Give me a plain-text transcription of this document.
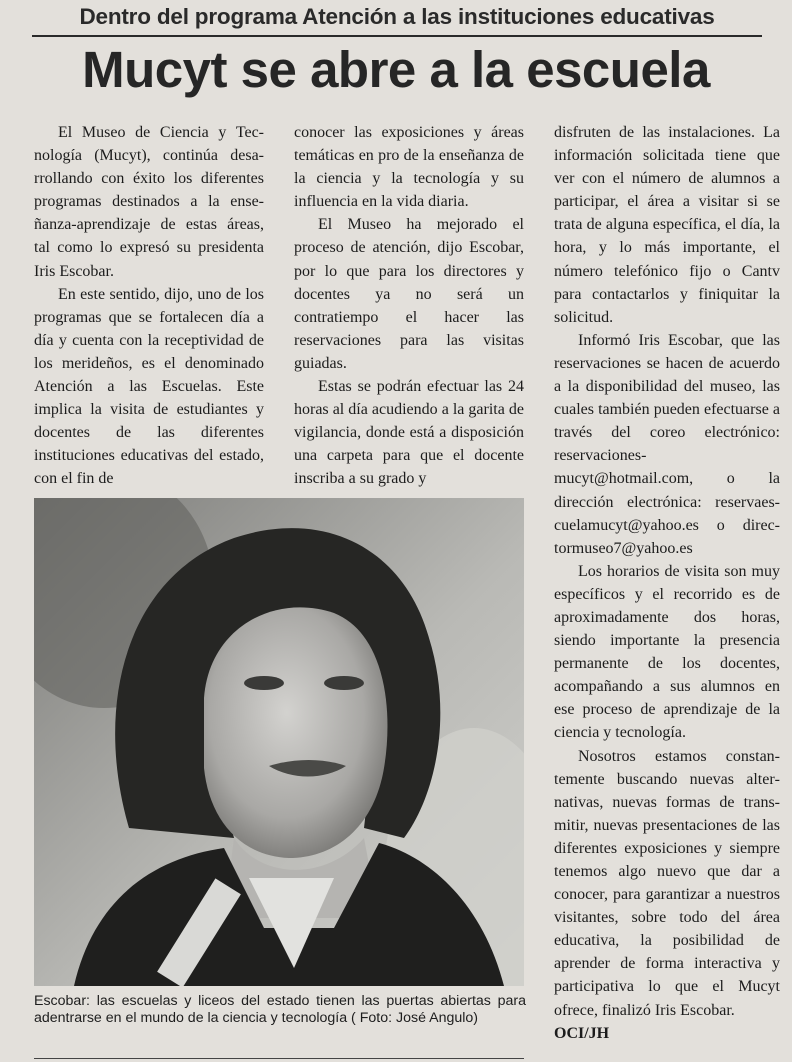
Dentro del programa Atención a las instituciones educativas
Mucyt se abre a la escuela

El Museo de Ciencia y Tecnología (Mucyt), continúa desarrollando con éxito los diferentes programas destinados a la enseñanza-aprendizaje de estas áreas, tal como lo expresó su presidenta Iris Escobar.

En este sentido, dijo, uno de los programas que se fortalecen día a día y cuenta con la receptividad de los merideños, es el denominado Atención a las Escuelas. Este implica la visita de estudiantes y docentes de las diferentes instituciones educativas del estado, con el fin de

conocer las exposiciones y áreas temáticas en pro de la enseñanza de la ciencia y la tecnología y su influencia en la vida diaria.

El Museo ha mejorado el proceso de atención, dijo Escobar, por lo que para los directores y docentes ya no será un contratiempo el hacer las reservaciones para las visitas guiadas.

Estas se podrán efectuar las 24 horas al día acudiendo a la garita de vigilancia, donde está a disposición una carpeta para que el docente inscriba a su grado y

disfruten de las instalaciones. La información solicitada tiene que ver con el número de alumnos a participar, el área a visitar si se trata de alguna específica, el día, la hora, y lo más importante, el número telefónico fijo o Cantv para contactarlos y finiquitar la solicitud.

Informó Iris Escobar, que las reservaciones se hacen de acuerdo a la disponibilidad del museo, las cuales también pueden efectuarse a través del coreo electrónico: reservacionesmucyt@hotmail.com, o la dirección electrónica: reservaescuelamucyt@yahoo.es o directormuseo7@yahoo.es

Los horarios de visita son muy específicos y el recorrido es de aproximadamente dos horas, siendo importante la presencia permanente de los docentes, acompañando a sus alumnos en ese proceso de aprendizaje de la ciencia y tecnología.

Nosotros estamos constantemente buscando nuevas alternativas, nuevas formas de transmitir, nuevas presentaciones de las diferentes exposiciones y siempre tenemos algo nuevo que dar a conocer, para garantizar a nuestros visitantes, sobre todo del área educativa, la posibilidad de aprender de forma interactiva y participativa lo que el Mucyt ofrece, finalizó Iris Escobar.

OCI/JH

Escobar: las escuelas y liceos del estado tienen las puertas abiertas para adentrarse en el mundo de la ciencia y tecnología ( Foto: José Angulo)
